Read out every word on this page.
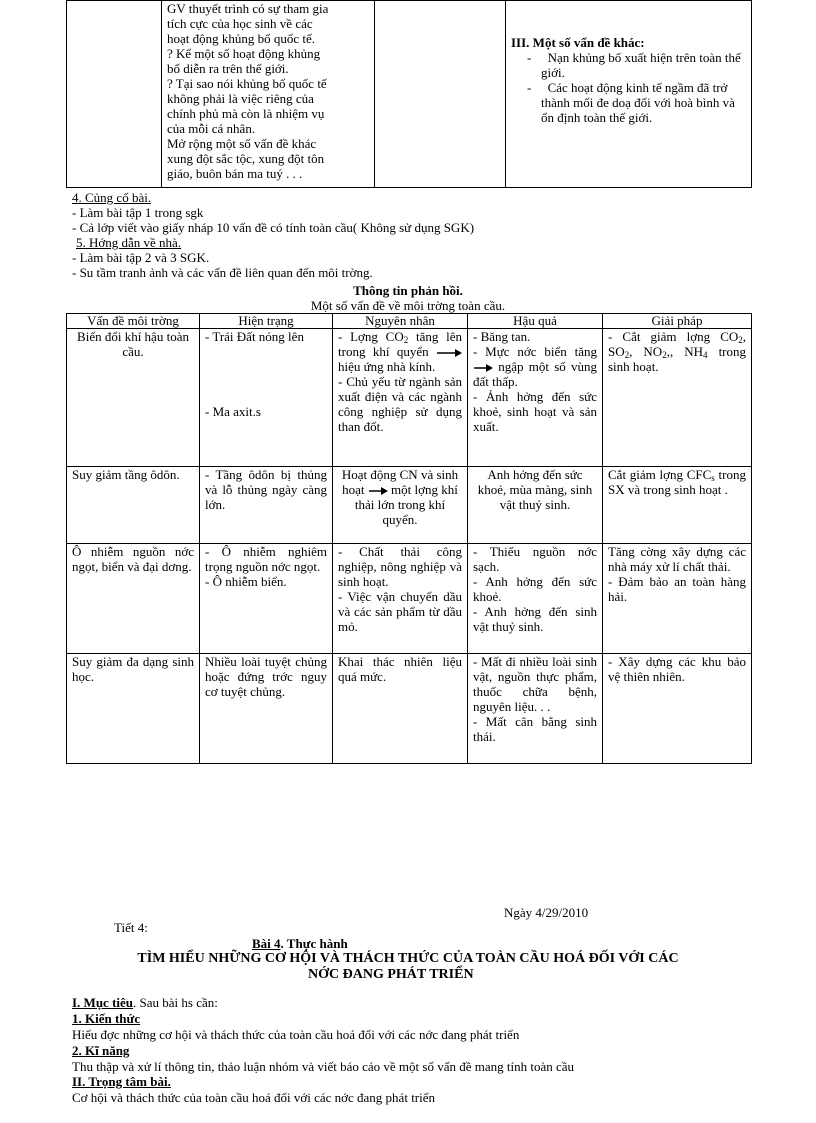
GV thuyết trình có sự tham gia
tích cực của học sinh về các
hoạt động khủng bố quốc tế.
? Kể một số hoạt động khủng
bố diễn ra trên thế giới.
? Tại sao nói khủng bố quốc tế
không phải là việc riêng của
chính phủ mà còn là nhiệm vụ
của mỗi cá nhân.
Mở rộng một số vấn đề khác
xung đột sắc tộc, xung đột tôn
giáo, buôn bán ma tuý . . .

III. Một số vấn đề khác:
-     Nạn khủng bố xuất hiện trên toàn thế giới.
-     Các hoạt động kinh tế ngầm đã trở thành mối đe doạ đối với hoà bình và ổn định toàn thế giới.
4. Củng cố bài.
- Làm bài tập 1 trong sgk
- Cả lớp viết vào giấy nháp 10 vấn đề có tính toàn cầu( Không sử dụng SGK)
5. Hớng dẫn về nhà.
- Làm bài tập 2 và 3 SGK.
- Su tầm tranh ảnh và các vấn đề liên quan đến môi trờng.
Thông tin phản hồi.
Một số vấn đề về môi trờng toàn cầu.
Vấn đề môi trờng	Hiện trạng	Nguyên nhân	Hậu quả	Giải pháp
Biến đổi khí hậu toàn cầu.	- Trái Đất nóng lên
- Ma axit.s	- Lợng $CO_2$ tăng lên trong khí quyển  hiệu ứng nhà kính.
- Chủ yếu từ ngành sản xuất điện và các ngành công nghiệp sử dụng than đốt.	- Băng tan.
- Mực nớc biển tăng  ngập một số vùng đất thấp.
- Ảnh hởng đến sức khoẻ, sinh hoạt và sản xuất.	- Cắt giảm lợng $CO_2$, $SO_2$, $NO_2$,, $NH_4$ trong sinh hoạt.
Suy giảm tầng ôdôn.	- Tầng ôdôn bị thủng và lỗ thủng ngày càng lớn.	Hoạt động CN và sinh hoạt một lợng khí thải lớn trong khí quyển.	Anh hởng đến sức khoẻ, mùa màng, sinh vật thuỷ sinh.	Cắt giảm lợng $CFC_s$ trong SX và trong sinh hoạt .
Ô nhiễm nguồn nớc ngọt, biển và đại dơng.	- Ô nhiễm nghiêm trọng nguồn nớc ngọt.
- Ô nhiễm biển.	- Chất thải công nghiệp, nông nghiệp và sinh hoạt.
- Việc vận chuyển dầu và các sản phẩm từ dầu mỏ.	- Thiếu nguồn nớc sạch.
- Anh hởng đến sức khoẻ.
- Anh hởng đến sinh vật thuỷ sinh.	Tăng cờng xây dựng các nhà máy xử lí chất thải.
- Đảm bảo an toàn hàng hải.

Suy giảm đa dạng sinh học.	Nhiều loài tuyệt chủng hoặc đứng trớc nguy cơ tuyệt chủng.	Khai thác nhiên liệu quá mức.	- Mất đi nhiều loài sinh vật, nguồn thực phẩm, thuốc chữa bệnh, nguyên liệu. . .
- Mất cân bằng sinh thái.	- Xây dựng các khu bảo vệ thiên nhiên.
Ngày 4/29/2010
Tiết 4:
Bài 4. Thực hành
TÌM HIỂU NHỮNG CƠ HỘI VÀ THÁCH THỨC CỦA TOÀN CẦU HOÁ ĐỐI VỚI CÁC
NỚC ĐANG PHÁT TRIỂN
I. Mục tiêu. Sau bài hs cần:
1. Kiến thức
Hiểu đợc những cơ hội và thách thức của toàn cầu hoá đối với các nớc đang phát triển
2. Kĩ năng
Thu thập và xử lí thông tin, thảo luận nhóm và viết báo cáo về một số vấn đề mang tính toàn cầu
II. Trọng tâm bài.
Cơ hội và thách thức của toàn cầu hoá đối với các nớc đang phát triển
